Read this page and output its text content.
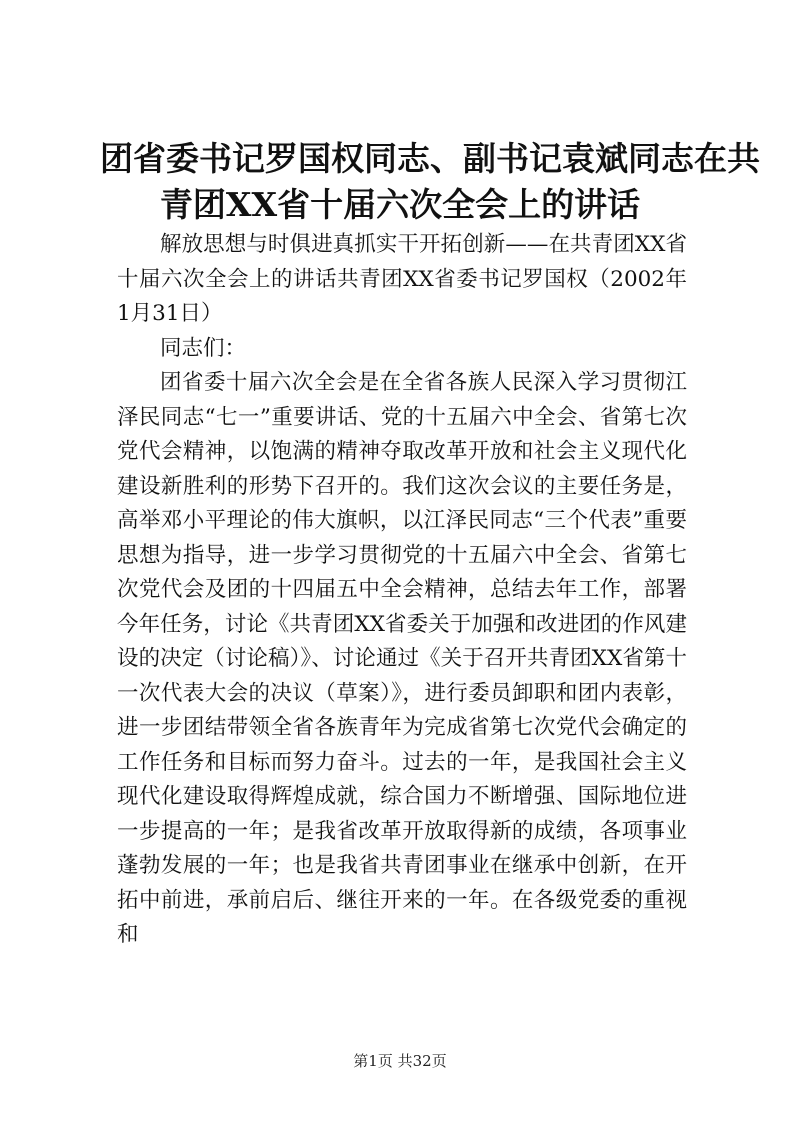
团省委书记罗国权同志、副书记袁斌同志在共
青团XX省十届六次全会上的讲话

解放思想与时俱进真抓实干开拓创新——在共青团XX省十届六次全会上的讲话共青团XX省委书记罗国权（2002年1月31日）

同志们：

团省委十届六次全会是在全省各族人民深入学习贯彻江泽民同志“七一”重要讲话、党的十五届六中全会、省第七次党代会精神，以饱满的精神夺取改革开放和社会主义现代化建设新胜利的形势下召开的。我们这次会议的主要任务是，高举邓小平理论的伟大旗帜，以江泽民同志“三个代表”重要思想为指导，进一步学习贯彻党的十五届六中全会、省第七次党代会及团的十四届五中全会精神，总结去年工作，部署今年任务，讨论《共青团XX省委关于加强和改进团的作风建设的决定（讨论稿）》、讨论通过《关于召开共青团XX省第十一次代表大会的决议（草案）》，进行委员卸职和团内表彰，进一步团结带领全省各族青年为完成省第七次党代会确定的工作任务和目标而努力奋斗。过去的一年，是我国社会主义现代化建设取得辉煌成就，综合国力不断增强、国际地位进一步提高的一年；是我省改革开放取得新的成绩，各项事业蓬勃发展的一年；也是我省共青团事业在继承中创新，在开拓中前进，承前启后、继往开来的一年。在各级党委的重视和

第1页 共32页
